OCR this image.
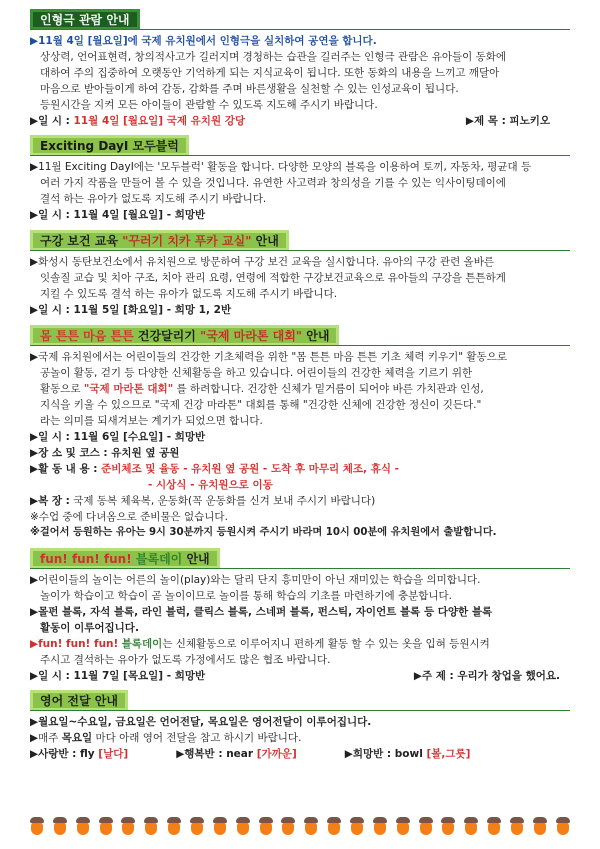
인형극 관람 안내

▶11월 4일 [월요일]에 국제 유치원에서 인형극을 실치하여 공연을 합니다.

상상력, 언어표현력, 창의적사고가 길러지며 경청하는 습관을 길러주는 인형극 관람은 유아들이 동화에

대하여 주의 집중하여 오랫동안 기억하게 되는 지식교육이 됩니다. 또한 동화의 내용을 느끼고 깨달아

마음으로 받아들이게 하여 감동, 감화를 주며 바른생활을 실천할 수 있는 인성교육이 됩니다.

등원시간을 지켜 모든 아이들이 관람할 수 있도록 지도해 주시기 바랍니다.

▶일 시 : 11월 4일 [월요일] 국제 유치원 강당	▶제 목 : 피노키오
Exciting DayⅠ 모두블럭

▶11월 Exciting DayⅠ에는 '모두블럭' 활동을 합니다. 다양한 모양의 블록을 이용하여 토끼, 자동차, 평균대 등

여러 가지 작품을 만들어 볼 수 있을 것입니다. 유연한 사고력과 창의성을 기를 수 있는 익사이팅데이에

결석 하는 유아가 없도록 지도해 주시기 바랍니다.

▶일 시 : 11월 4일 [월요일] - 희망반

구강 보건 교육 "꾸러기 치카 푸카 교실" 안내

▶화성시 동탄보건소에서 유치원으로 방문하여 구강 보건 교육을 실시합니다. 유아의 구강 관련 올바른

잇솔질 교습 및 치아 구조, 치아 관리 요령, 연령에 적합한 구강보건교육으로 유아들의 구강을 튼튼하게

지킬 수 있도록 결석 하는 유아가 없도록 지도해 주시기 바랍니다.

▶일 시 : 11월 5일 [화요일] - 희망 1, 2반

몸 튼튼 마음 튼튼 건강달리기 "국제 마라톤 대회" 안내

▶국제 유치원에서는 어린이들의 건강한 기초체력을 위한 "몸 튼튼 마음 튼튼 기초 체력 키우기" 활동으로

공놀이 활동, 걷기 등 다양한 신체활동을 하고 있습니다. 어린이들의 건강한 체력을 기르기 위한

활동으로 "국제 마라톤 대회" 를 하려합니다. 건강한 신체가 밑거름이 되어야 바른 가치관과 인성,

지식을 키울 수 있으므로 "국제 건강 마라톤" 대회를 통해 "건강한 신체에 건강한 정신이 깃든다."

라는 의미를 되새겨보는 계기가 되었으면 합니다.

▶일 시 : 11월 6일 [수요일] - 희망반

▶장 소 및 코스 : 유치원 옆 공원

▶활 동 내 용 : 준비체조 및 율동 - 유치원 옆 공원 - 도착 후 마무리 체조, 휴식 -

- 시상식 - 유치원으로 이동

▶복 장 : 국제 동복 체육복, 운동화(꼭 운동화를 신겨 보내 주시기 바랍니다)

※수업 중에 다녀옴으로 준비물은 없습니다.

※걸어서 등원하는 유아는 9시 30분까지 등원시켜 주시기 바라며 10시 00분에 유치원에서 출발합니다.

fun! fun! fun! 블록데이 안내

▶어린이들의 놀이는 어른의 놀이(play)와는 달리 단지 흥미만이 아닌 재미있는 학습을 의미합니다.

놀이가 학습이고 학습이 곧 놀이이므로 놀이를 통해 학습의 기초를 마련하기에 충분합니다.

▶몰펀 블록, 자석 블록, 라인 블럭, 클릭스 블록, 스네퍼 블록, 펀스틱, 자이언트 블록 등 다양한 블록

활동이 이루어집니다.

▶fun! fun! fun! 블록데이는 신체활동으로 이루어지니 편하게 활동 할 수 있는 옷을 입혀 등원시켜

주시고 결석하는 유아가 없도록 가정에서도 많은 협조 바랍니다.

▶일 시 : 11월 7일 [목요일] - 희망반	▶주 제 : 우리가 창업을 했어요.
영어 전달 안내

▶월요일~수요일, 금요일은 언어전달, 목요일은 영어전달이 이루어집니다.

▶매주 목요일 마다 아래 영어 전달을 참고 하시기 바랍니다.

▶사랑반 : fly [날다]	▶행복반 : near [가까운]	▶희망반 : bowl [볼,그릇]
